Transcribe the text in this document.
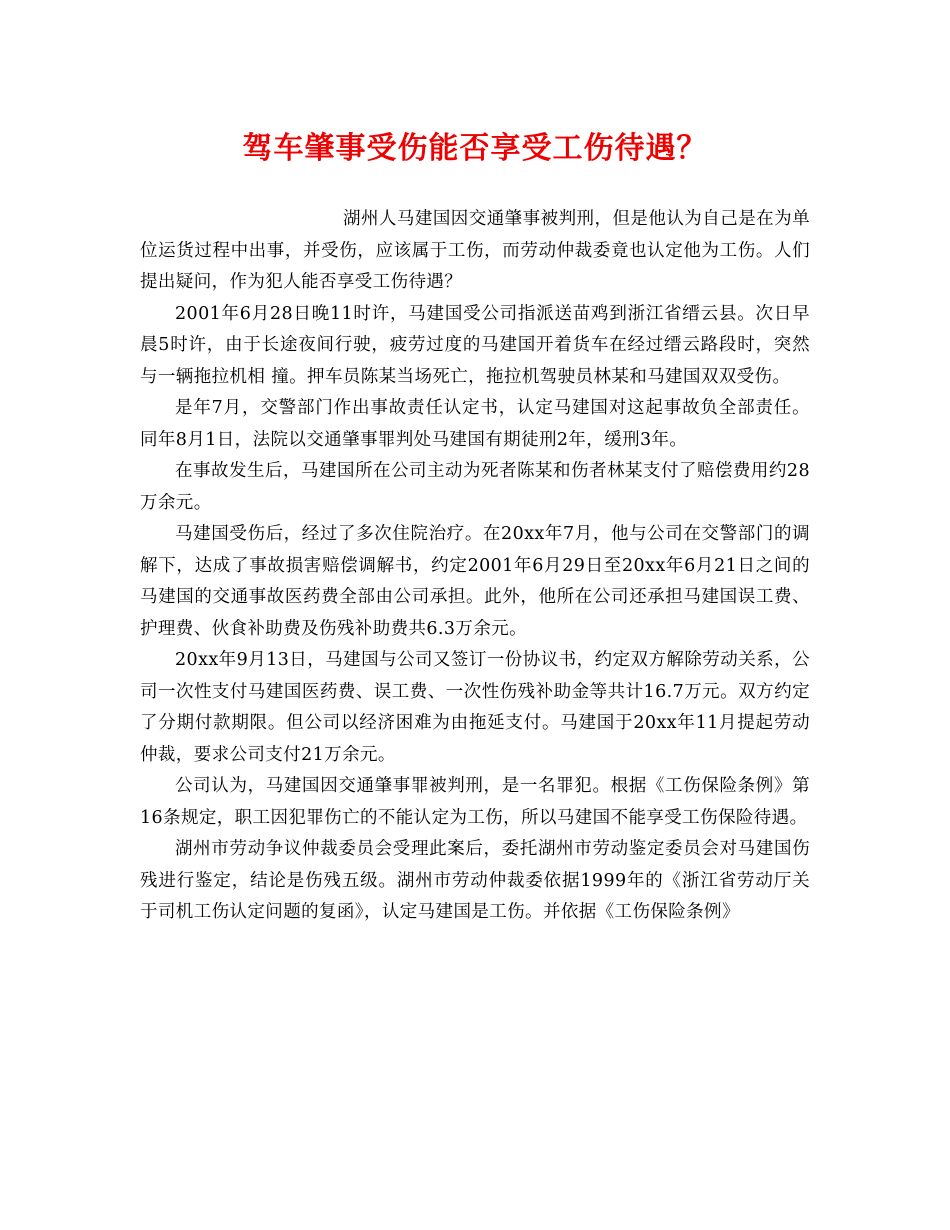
驾车肇事受伤能否享受工伤待遇？

湖州人马建国因交通肇事被判刑，但是他认为自己是在为单位运货过程中出事，并受伤，应该属于工伤，而劳动仲裁委竟也认定他为工伤。人们提出疑问，作为犯人能否享受工伤待遇？

2001年6月28日晚11时许，马建国受公司指派送苗鸡到浙江省缙云县。次日早晨5时许，由于长途夜间行驶，疲劳过度的马建国开着货车在经过缙云路段时，突然与一辆拖拉机相 撞。押车员陈某当场死亡，拖拉机驾驶员林某和马建国双双受伤。

是年7月，交警部门作出事故责任认定书，认定马建国对这起事故负全部责任。同年8月1日，法院以交通肇事罪判处马建国有期徒刑2年，缓刑3年。

在事故发生后，马建国所在公司主动为死者陈某和伤者林某支付了赔偿费用约28万余元。

马建国受伤后，经过了多次住院治疗。在20xx年7月，他与公司在交警部门的调解下，达成了事故损害赔偿调解书，约定2001年6月29日至20xx年6月21日之间的马建国的交通事故医药费全部由公司承担。此外，他所在公司还承担马建国误工费、护理费、伙食补助费及伤残补助费共6.3万余元。

20xx年9月13日，马建国与公司又签订一份协议书，约定双方解除劳动关系，公司一次性支付马建国医药费、误工费、一次性伤残补助金等共计16.7万元。双方约定了分期付款期限。但公司以经济困难为由拖延支付。马建国于20xx年11月提起劳动仲裁，要求公司支付21万余元。

公司认为，马建国因交通肇事罪被判刑，是一名罪犯。根据《工伤保险条例》第16条规定，职工因犯罪伤亡的不能认定为工伤，所以马建国不能享受工伤保险待遇。

湖州市劳动争议仲裁委员会受理此案后，委托湖州市劳动鉴定委员会对马建国伤残进行鉴定，结论是伤残五级。湖州市劳动仲裁委依据1999年的《浙江省劳动厅关于司机工伤认定问题的复函》，认定马建国是工伤。并依据《工伤保险条例》
